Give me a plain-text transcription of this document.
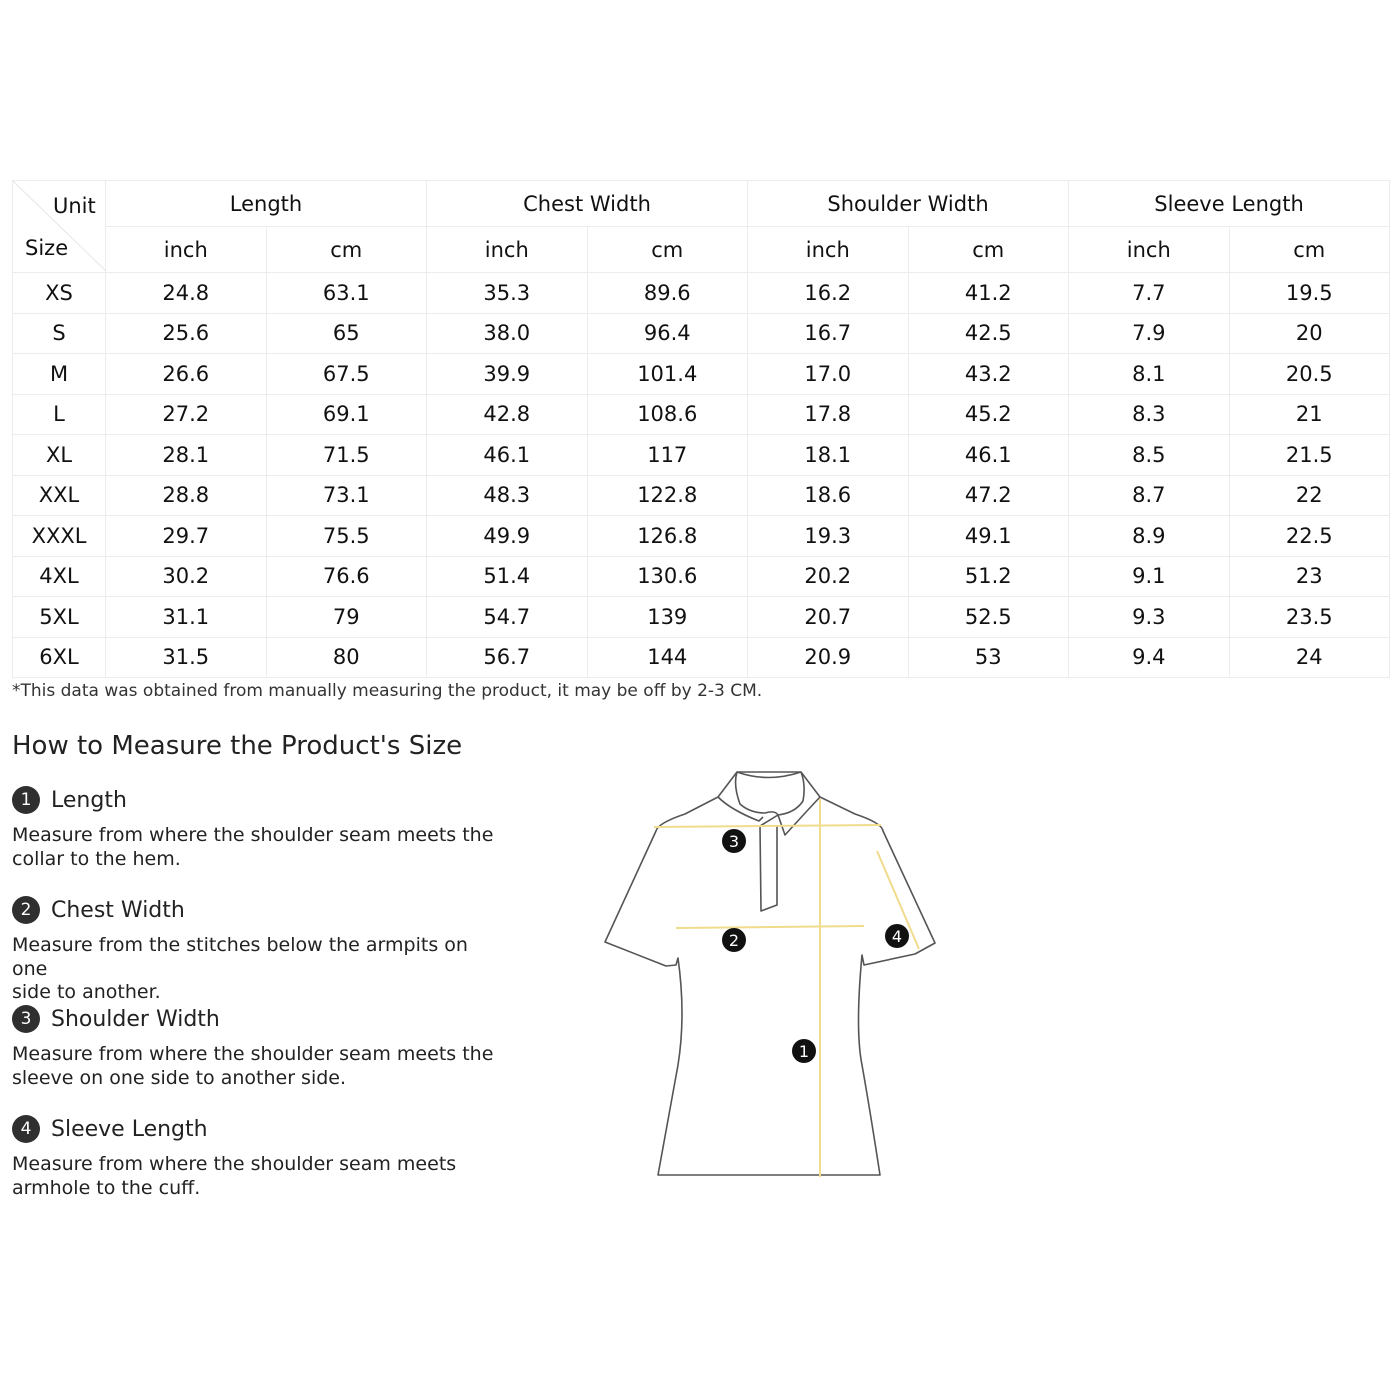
Unit
Size	Length		Chest Width		Shoulder Width		Sleeve Length	
	inch	cm	inch	cm	inch	cm	inch	cm
XS	24.8	63.1	35.3	89.6	16.2	41.2	7.7	19.5
S	25.6	65	38.0	96.4	16.7	42.5	7.9	20
M	26.6	67.5	39.9	101.4	17.0	43.2	8.1	20.5
L	27.2	69.1	42.8	108.6	17.8	45.2	8.3	21
XL	28.1	71.5	46.1	117	18.1	46.1	8.5	21.5
XXL	28.8	73.1	48.3	122.8	18.6	47.2	8.7	22
XXXL	29.7	75.5	49.9	126.8	19.3	49.1	8.9	22.5
4XL	30.2	76.6	51.4	130.6	20.2	51.2	9.1	23
5XL	31.1	79	54.7	139	20.7	52.5	9.3	23.5
6XL	31.5	80	56.7	144	20.9	53	9.4	24
*This data was obtained from manually measuring the product, it may be off by 2-3 CM.
How to Measure the Product's Size
1 Length
Measure from where the shoulder seam meets the
collar to the hem.
2 Chest Width
Measure from the stitches below the armpits on one
side to another.
3 Shoulder Width
Measure from where the shoulder seam meets the
sleeve on one side to another side.
4 Sleeve Length
Measure from where the shoulder seam meets
armhole to the cuff.
3
2	4
1
